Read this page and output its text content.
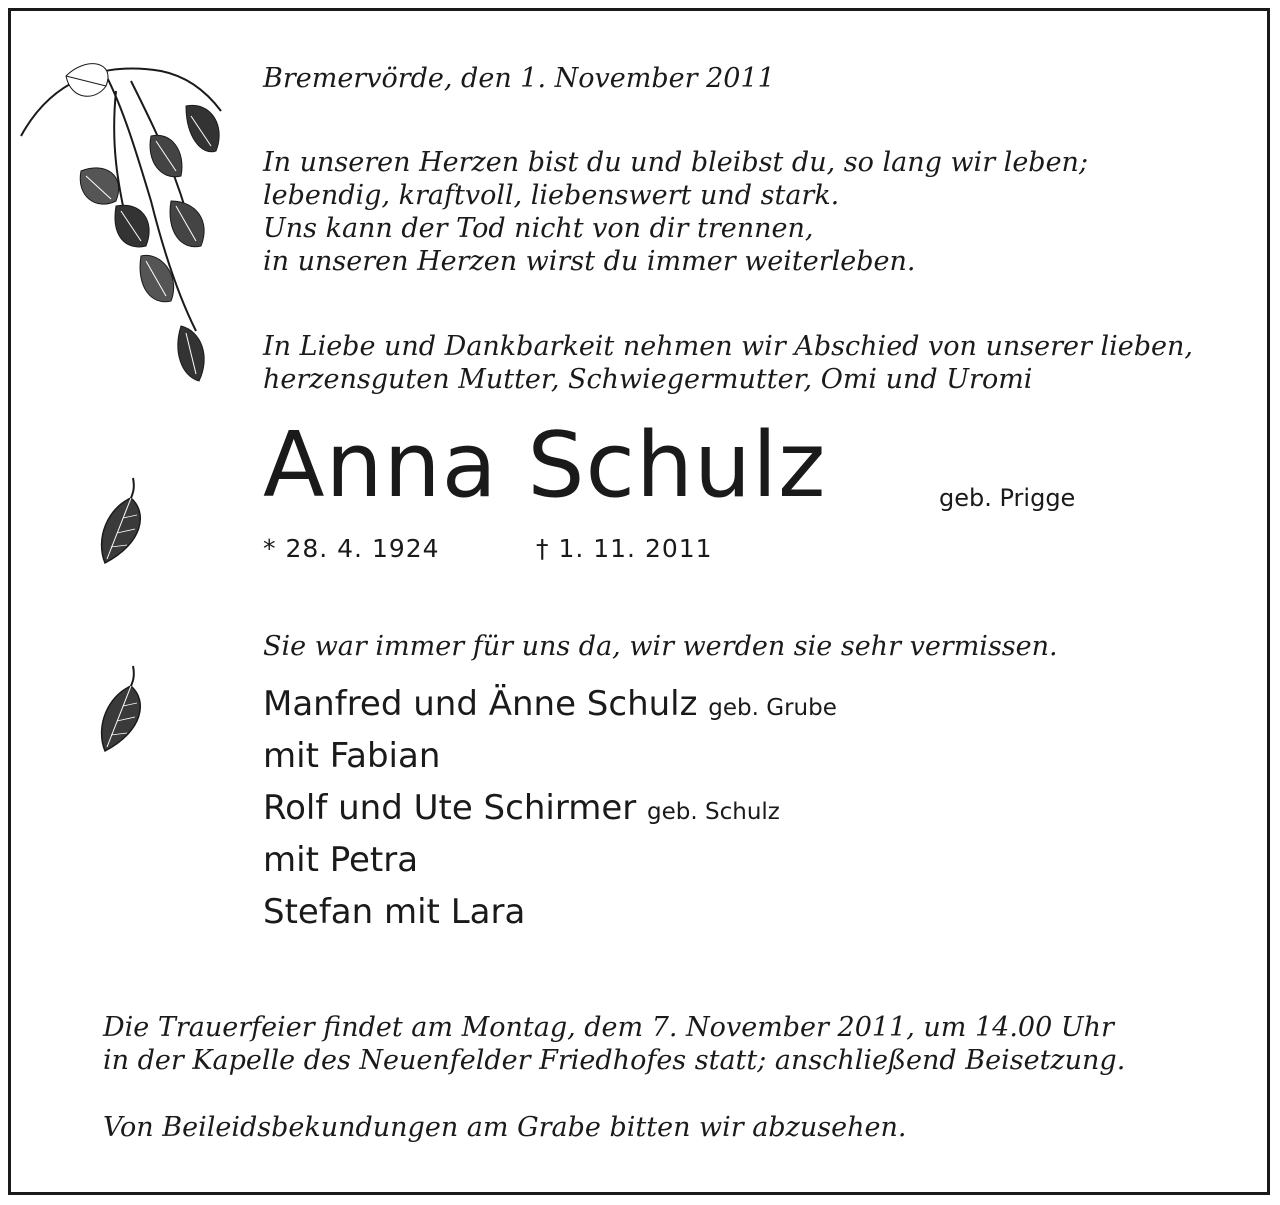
Bremervörde, den 1. November 2011
In unseren Herzen bist du und bleibst du, so lang wir leben;
lebendig, kraftvoll, liebenswert und stark.
Uns kann der Tod nicht von dir trennen,
in unseren Herzen wirst du immer weiterleben.
In Liebe und Dankbarkeit nehmen wir Abschied von unserer lieben,
herzensguten Mutter, Schwiegermutter, Omi und Uromi
Anna Schulz	geb. Prigge
* 28. 4. 1924	† 1. 11. 2011
Sie war immer für uns da, wir werden sie sehr vermissen.
Manfred und Änne Schulz geb. Grube
mit Fabian
Rolf und Ute Schirmer geb. Schulz
mit Petra
Stefan mit Lara
Die Trauerfeier findet am Montag, dem 7. November 2011, um 14.00 Uhr
in der Kapelle des Neuenfelder Friedhofes statt; anschließend Beisetzung.
Von Beileidsbekundungen am Grabe bitten wir abzusehen.
